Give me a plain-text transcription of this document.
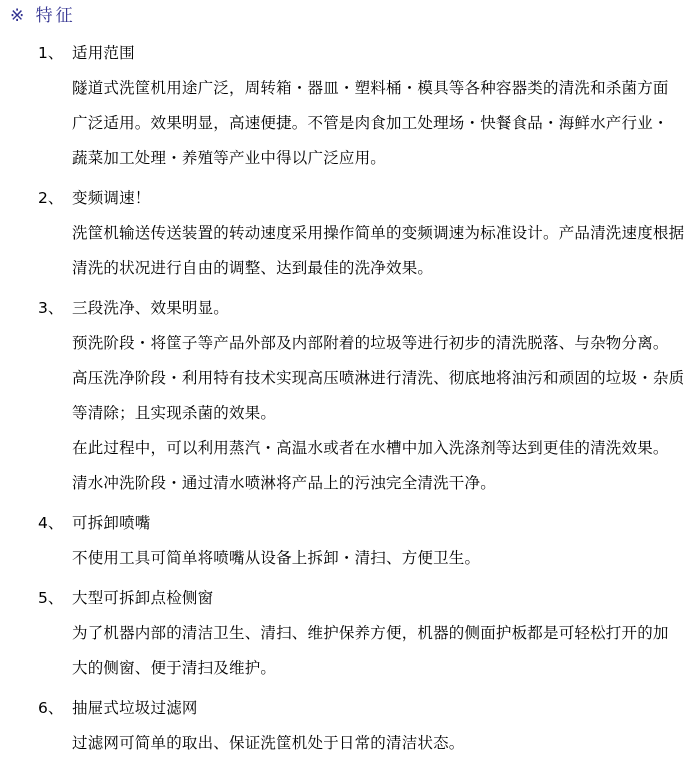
※ 特征
1、 适用范围
隧道式洗筐机用途广泛，周转箱・器皿・塑料桶・模具等各种容器类的清洗和杀菌方面
广泛适用。效果明显，高速便捷。不管是肉食加工处理场・快餐食品・海鲜水产行业・
蔬菜加工处理・养殖等产业中得以广泛应用。
2、 变频调速！
洗筐机输送传送装置的转动速度采用操作简单的变频调速为标准设计。产品清洗速度根据
清洗的状况进行自由的调整、达到最佳的洗净效果。
3、 三段洗净、效果明显。
预洗阶段・将筐子等产品外部及内部附着的垃圾等进行初步的清洗脱落、与杂物分离。
高压洗净阶段・利用特有技术实现高压喷淋进行清洗、彻底地将油污和顽固的垃圾・杂质
等清除；且实现杀菌的效果。
在此过程中，可以利用蒸汽・高温水或者在水槽中加入洗涤剂等达到更佳的清洗效果。
清水冲洗阶段・通过清水喷淋将产品上的污浊完全清洗干净。
4、 可拆卸喷嘴
不使用工具可简单将喷嘴从设备上拆卸・清扫、方便卫生。
5、 大型可拆卸点检侧窗
为了机器内部的清洁卫生、清扫、维护保养方便，机器的侧面护板都是可轻松打开的加
大的侧窗、便于清扫及维护。
6、 抽屉式垃圾过滤网
过滤网可简单的取出、保证洗筐机处于日常的清洁状态。
